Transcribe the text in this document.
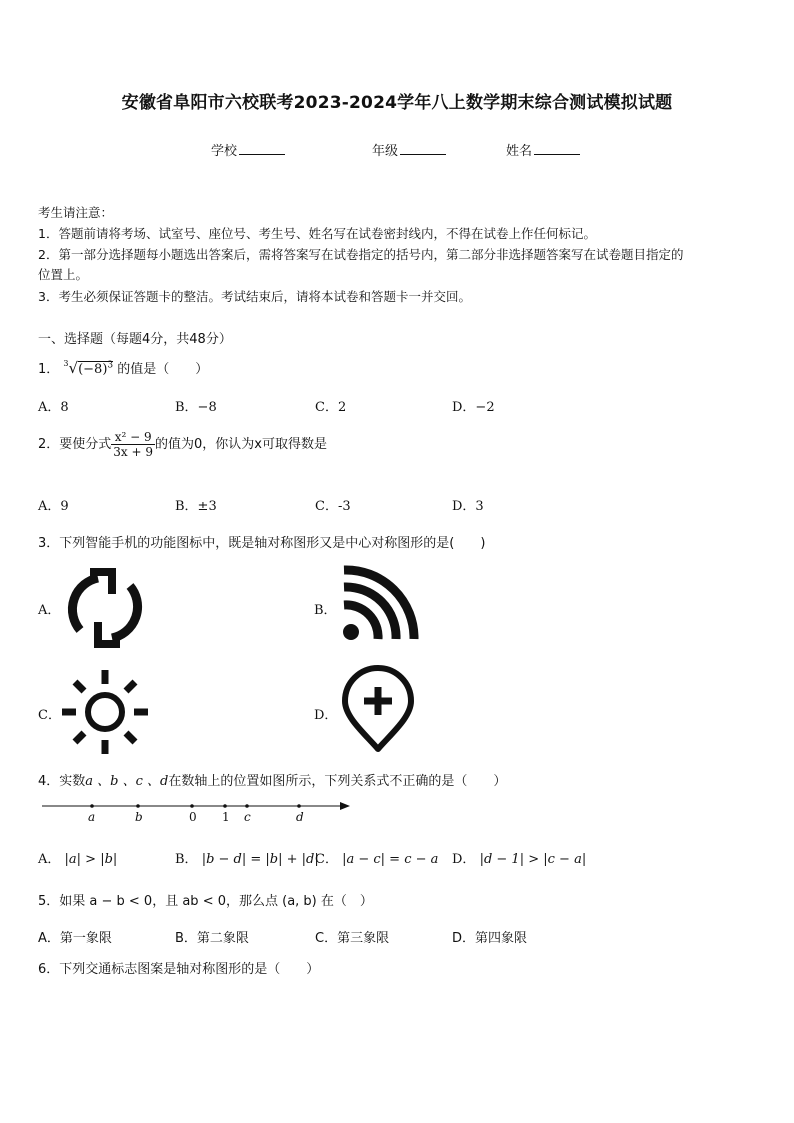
安徽省阜阳市六校联考2023-2024学年八上数学期末综合测试模拟试题
学校	年级	姓名
考生请注意：
1．答题前请将考场、试室号、座位号、考生号、姓名写在试卷密封线内，不得在试卷上作任何标记。
2．第一部分选择题每小题选出答案后，需将答案写在试卷指定的括号内，第二部分非选择题答案写在试卷题目指定的
位置上。
3．考生必须保证答题卡的整洁。考试结束后，请将本试卷和答题卡一并交回。
一、选择题（每题4分，共48分）
1． $^3√(-8)^3$ 的值是（　　）
A．8	B．−8	C．2	D．−2
2．要使分式 $\frac{\text{x² − 9}}{3x + 9}$ 的值为0，你认为x可取得数是
A．9	B．±3	C．-3	D．3
3．下列智能手机的功能图标中，既是轴对称图形又是中心对称图形的是(　　)
A．	B．
C．	D．
4．实数a 、b 、c 、d在数轴上的位置如图所示，下列关系式不正确的是（　　）
a	b	0 1 c	d
A． |a| > |b|	B． |b − d| = |b| + |d|
C． |a − c| = c − a D． |d − 1| > |c − a|
5．如果 a − b < 0，且 ab < 0，那么点 (a, b) 在（　）
A．第一象限	B．第二象限	C．第三象限	D．第四象限
6．下列交通标志图案是轴对称图形的是（　　）
